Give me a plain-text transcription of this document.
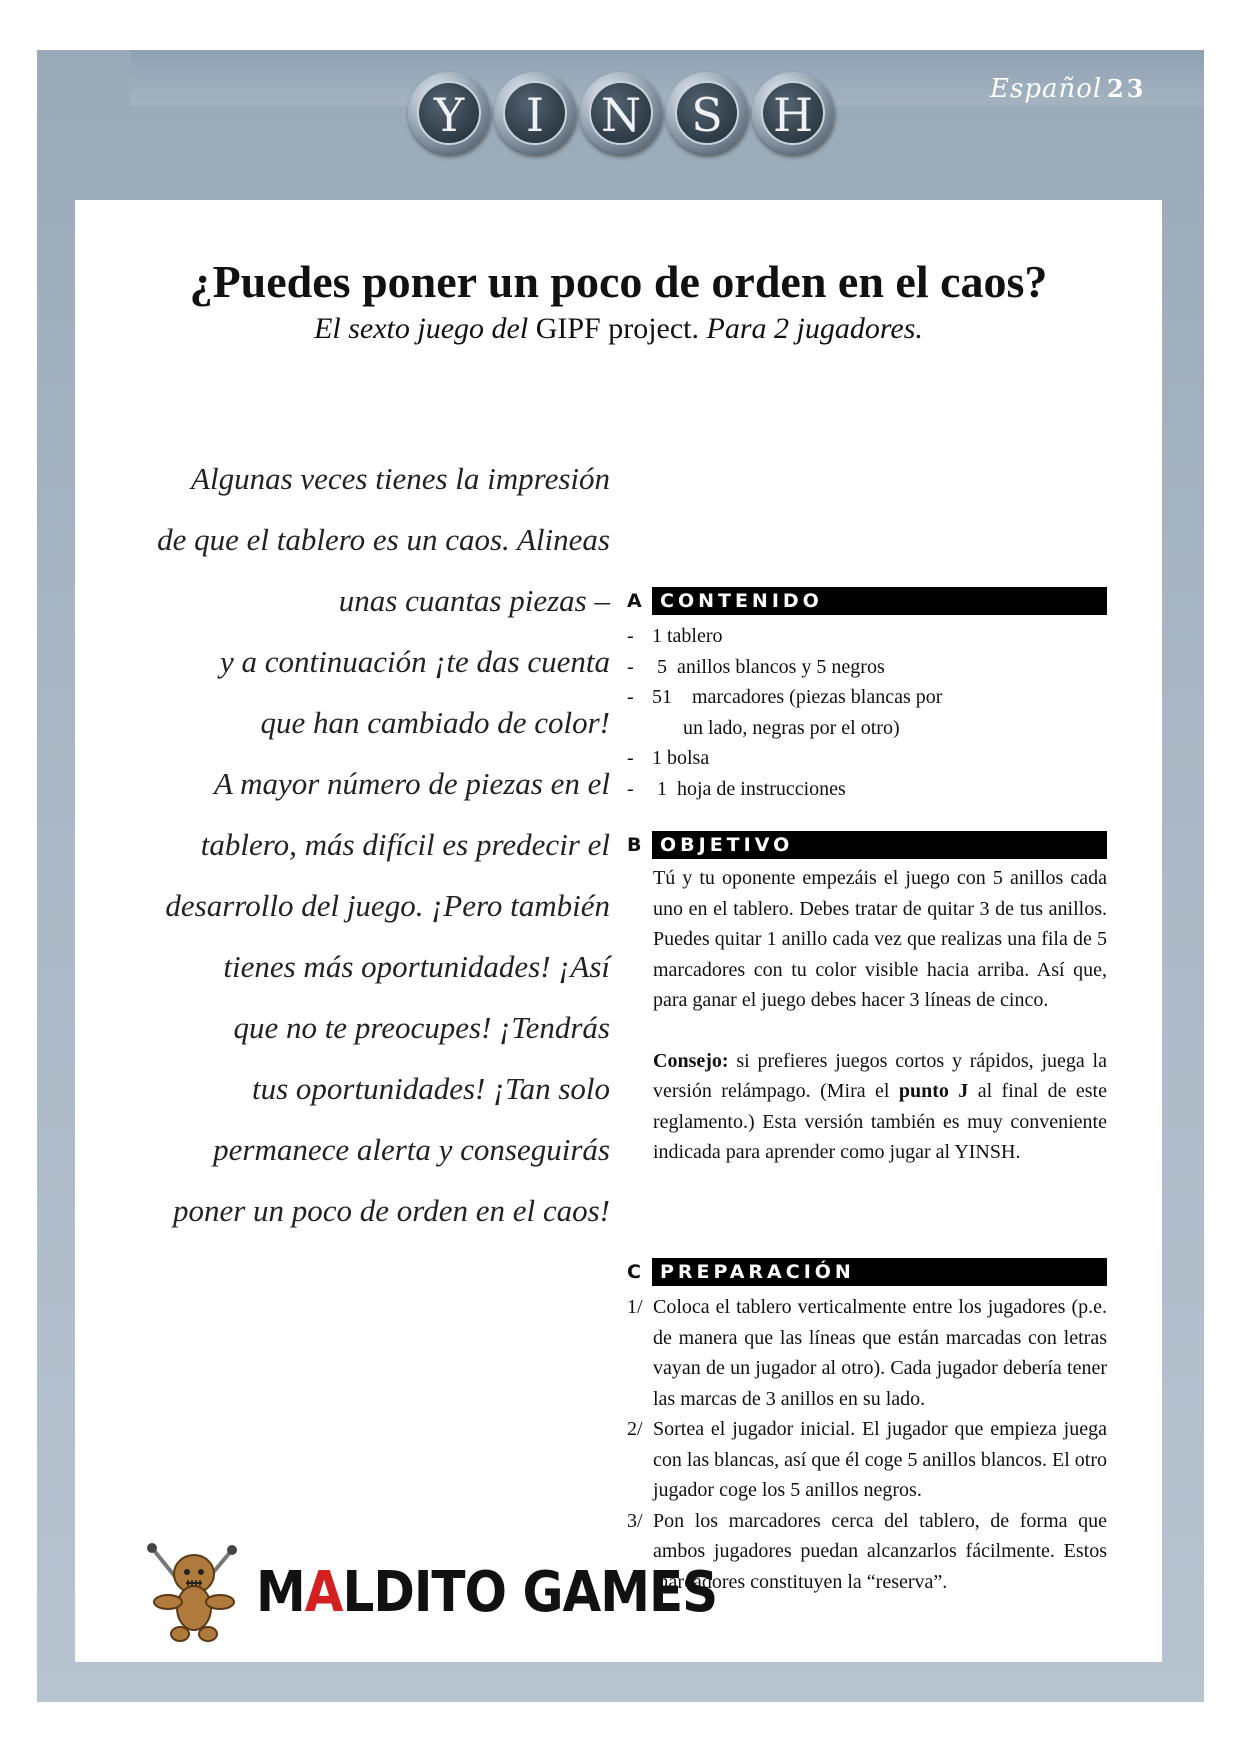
Y	I	N	S	H	Español 23
¿Puedes poner un poco de orden en el caos?
El sexto juego del GIPF project. Para 2 jugadores.
Algunas veces tienes la impresión
de que el tablero es un caos. Alineas
unas cuantas piezas –
y a continuación ¡te das cuenta
que han cambiado de color!
A mayor número de piezas en el
tablero, más difícil es predecir el
desarrollo del juego. ¡Pero también
tienes más oportunidades! ¡Así
que no te preocupes! ¡Tendrás
tus oportunidades! ¡Tan solo
permanece alerta y conseguirás
poner un poco de orden en el caos!
A CONTENIDO
- 1 tablero
- 5  anillos blancos y 5 negros
- 51    marcadores (piezas blancas por
un lado, negras por el otro)
- 1 bolsa
- 1  hoja de instrucciones
B OBJETIVO
Tú y tu oponente empezáis el juego con 5 anillos cada uno en el tablero. Debes tratar de quitar 3 de tus anillos. Puedes quitar 1 anillo cada vez que realizas una fila de 5 marcadores con tu color visible hacia arriba. Así que, para ganar el juego debes hacer 3 líneas de cinco.
Consejo: si prefieres juegos cortos y rápidos, juega la versión relámpago. (Mira el punto J al final de este reglamento.) Esta versión también es muy conveniente indicada para aprender como jugar al YINSH.
C	PREPARACIÓN
1/ Coloca el tablero verticalmente entre los jugadores (p.e. de manera que las líneas que están marcadas con letras vayan de un jugador al otro). Cada jugador debería tener las marcas de 3 anillos en su lado.
2/ Sortea el jugador inicial. El jugador que empieza juega con las blancas, así que él coge 5 anillos blancos. El otro jugador coge los 5 anillos negros.
3/ Pon los marcadores cerca del tablero, de forma que ambos jugadores puedan alcanzarlos fácilmente. Estos marcadores constituyen la “reserva”.
MALDITO GAMES
